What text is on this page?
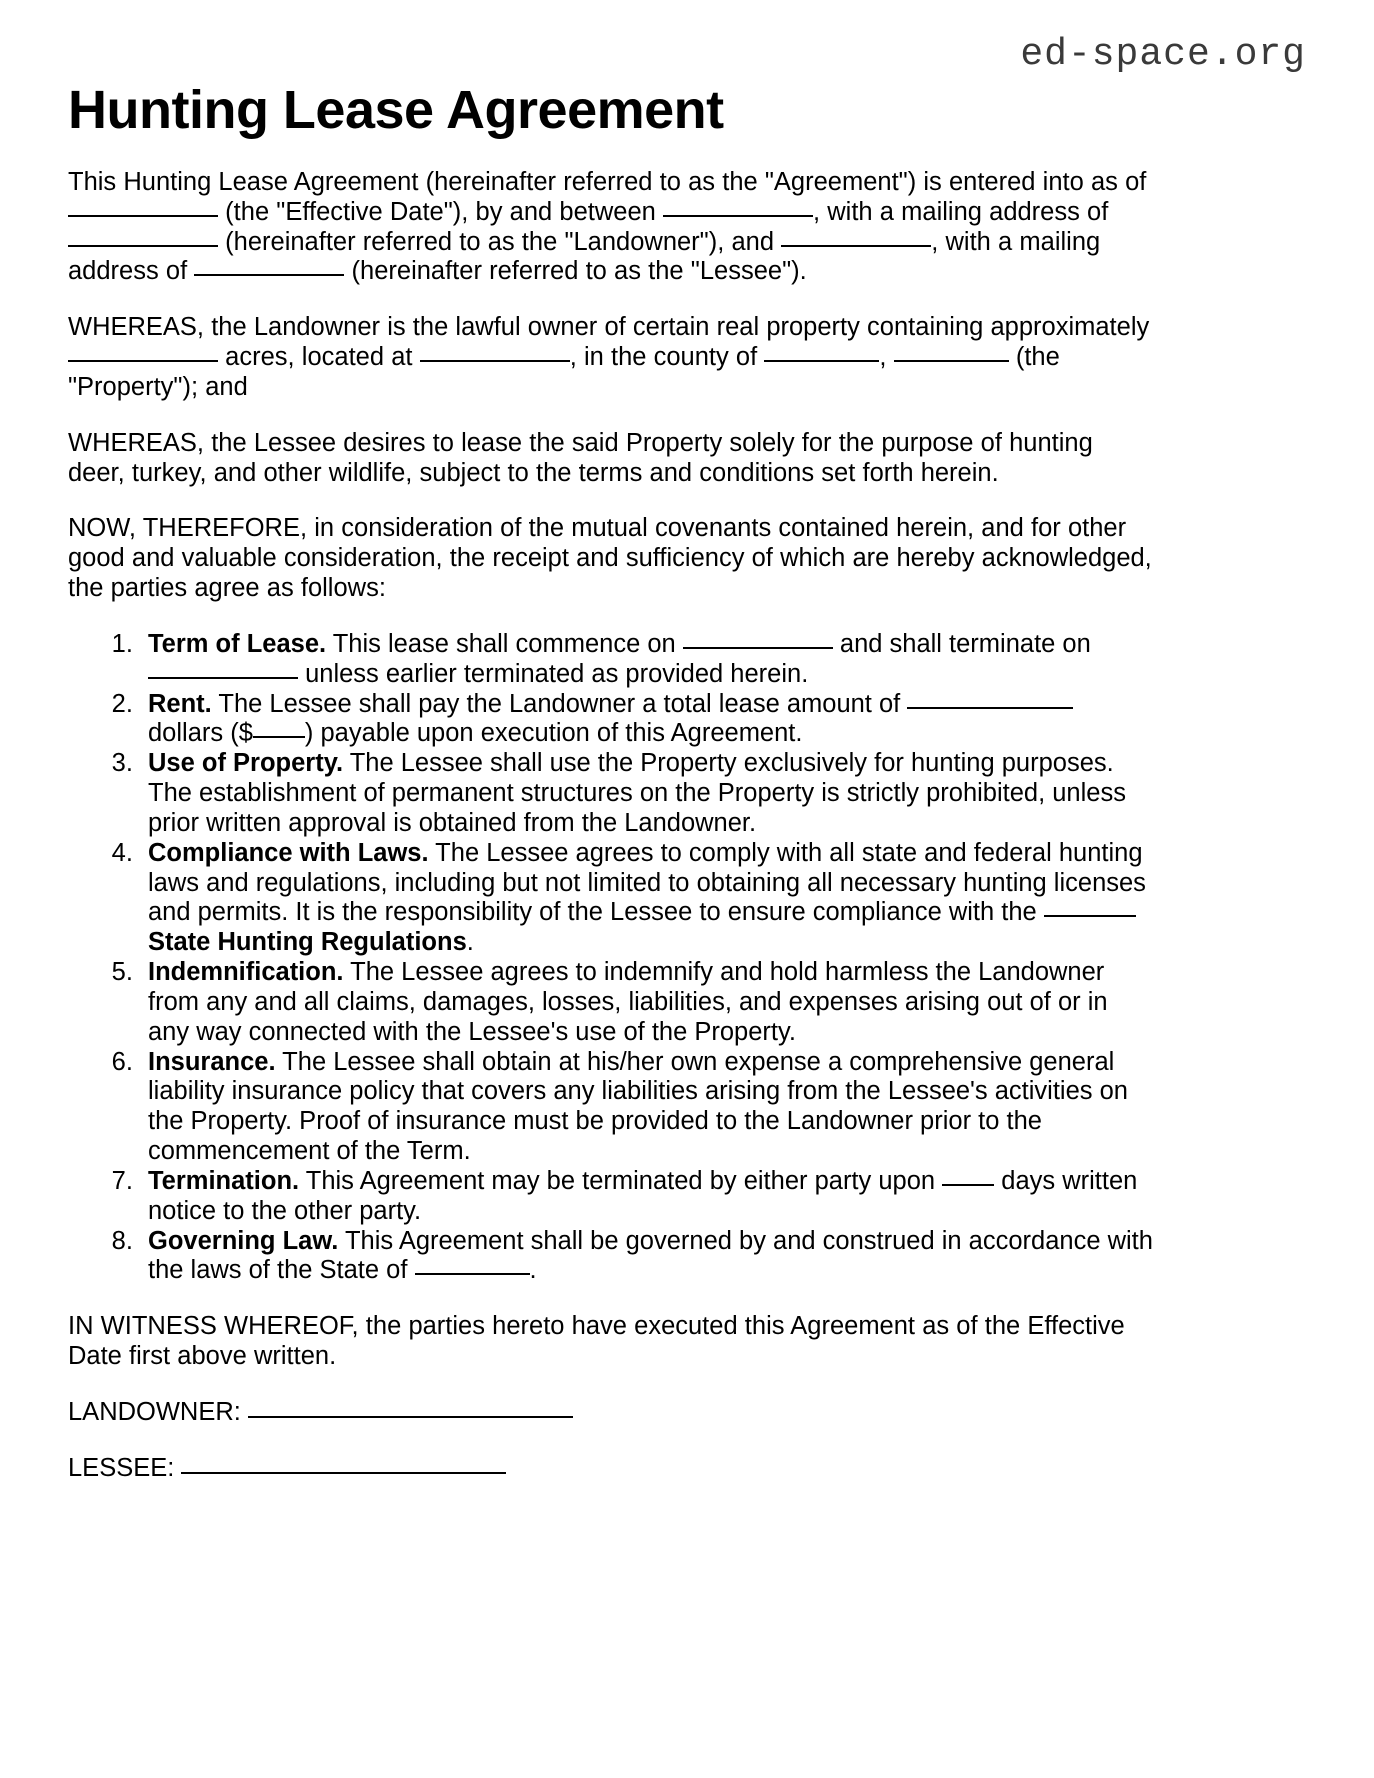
ed-space.org
Hunting Lease Agreement

This Hunting Lease Agreement (hereinafter referred to as the "Agreement") is entered into as of  (the "Effective Date"), by and between	, with a mailing address of  (hereinafter referred to as the "Landowner"), and	, with a mailing address of	(hereinafter referred to as the "Lessee").

WHEREAS, the Landowner is the lawful owner of certain real property containing approximately  acres, located at	, in the county of	,	(the "Property"); and

WHEREAS, the Lessee desires to lease the said Property solely for the purpose of hunting deer, turkey, and other wildlife, subject to the terms and conditions set forth herein.

NOW, THEREFORE, in consideration of the mutual covenants contained herein, and for other good and valuable consideration, the receipt and sufficiency of which are hereby acknowledged, the parties agree as follows:

1. Term of Lease. This lease shall commence on	and shall terminate on  unless earlier terminated as provided herein.
2. Rent. The Lessee shall pay the Landowner a total lease amount of  dollars ($ ) payable upon execution of this Agreement.
3. Use of Property. The Lessee shall use the Property exclusively for hunting purposes. The establishment of permanent structures on the Property is strictly prohibited, unless prior written approval is obtained from the Landowner.
4. Compliance with Laws. The Lessee agrees to comply with all state and federal hunting laws and regulations, including but not limited to obtaining all necessary hunting licenses and permits. It is the responsibility of the Lessee to ensure compliance with the  State Hunting Regulations.
5. Indemnification. The Lessee agrees to indemnify and hold harmless the Landowner from any and all claims, damages, losses, liabilities, and expenses arising out of or in any way connected with the Lessee's use of the Property.
6. Insurance. The Lessee shall obtain at his/her own expense a comprehensive general liability insurance policy that covers any liabilities arising from the Lessee's activities on the Property. Proof of insurance must be provided to the Landowner prior to the commencement of the Term.
7. Termination. This Agreement may be terminated by either party upon  days written notice to the other party.
8. Governing Law. This Agreement shall be governed by and construed in accordance with the laws of the State of	.

IN WITNESS WHEREOF, the parties hereto have executed this Agreement as of the Effective Date first above written.

LANDOWNER:
LESSEE:
